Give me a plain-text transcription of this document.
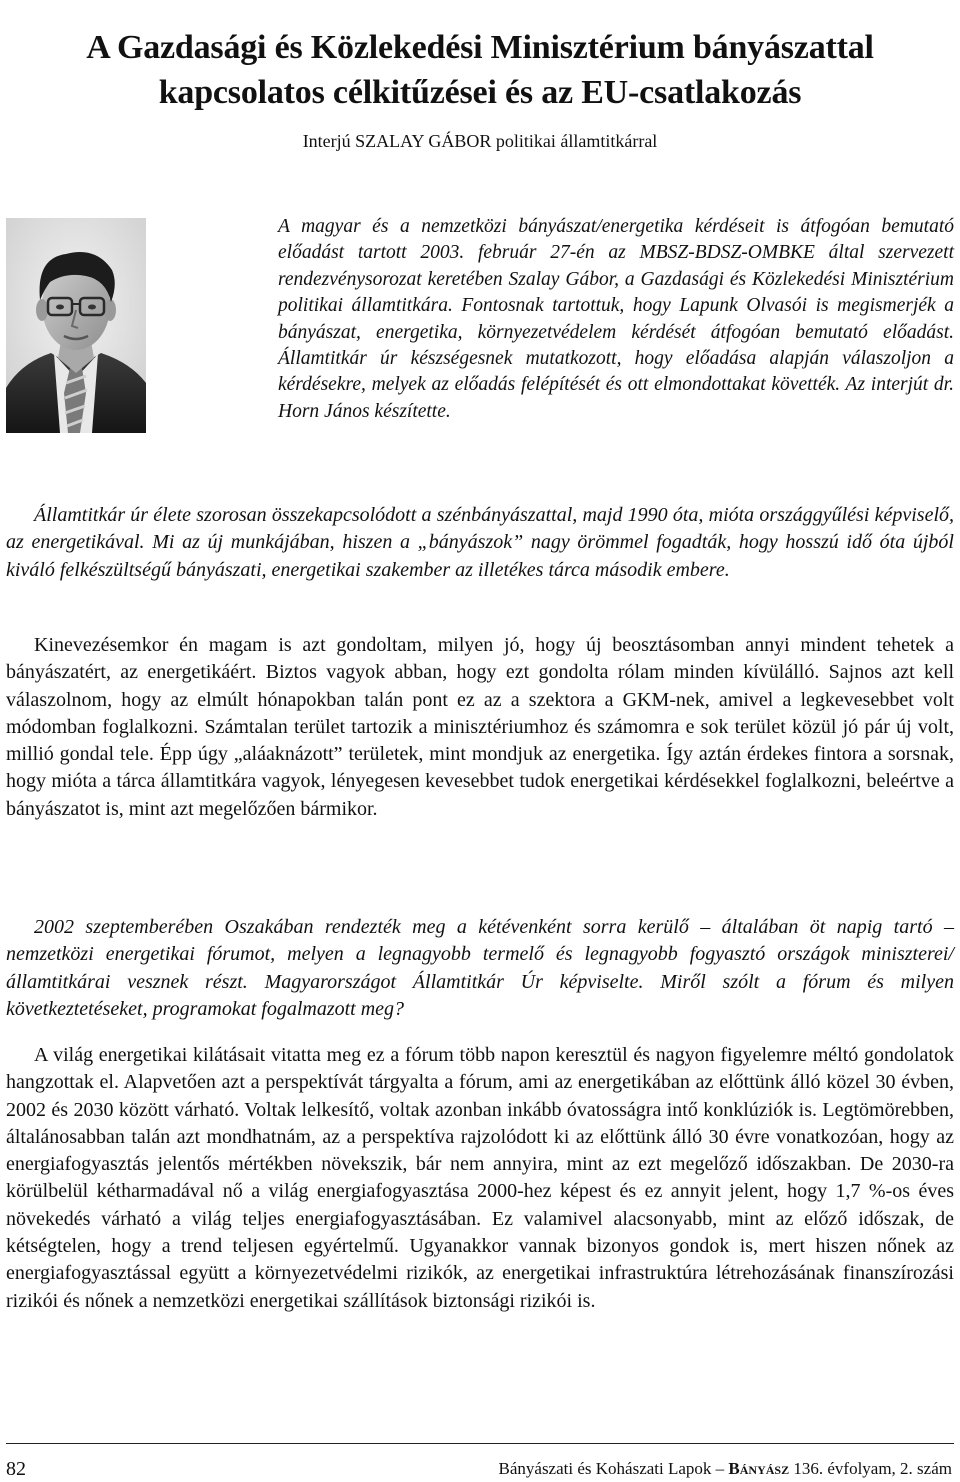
A Gazdasági és Közlekedési Minisztérium bányászattal kapcsolatos célkitűzései és az EU-csatlakozás
Interjú SZALAY GÁBOR politikai államtitkárral

A magyar és a nemzetközi bányászat/energetika kérdéseit is átfogóan bemutató előadást tartott 2003. február 27-én az MBSZ-BDSZ-OMBKE által szervezett rendezvénysorozat keretében Szalay Gábor, a Gazdasági és Közlekedési Minisztérium politikai államtitkára. Fontosnak tartottuk, hogy Lapunk Olvasói is megismerjék a bányászat, energetika, környezetvédelem kérdését átfogóan bemutató előadást. Államtitkár úr készségesnek mutatkozott, hogy előadása alapján válaszoljon a kérdésekre, melyek az előadás felépítését és ott elmondottakat követték. Az interjút dr. Horn János készítette.

Államtitkár úr élete szorosan összekapcsolódott a szénbányászattal, majd 1990 óta, mióta országgyűlési képviselő, az energetikával. Mi az új munkájában, hiszen a „bányászok” nagy örömmel fogadták, hogy hosszú idő óta újból kiváló felkészültségű bányászati, energetikai szakember az illetékes tárca második embere.

Kinevezésemkor én magam is azt gondoltam, milyen jó, hogy új beosztásomban annyi mindent tehetek a bányászatért, az energetikáért. Biztos vagyok abban, hogy ezt gondolta rólam minden kívülálló. Sajnos azt kell válaszolnom, hogy az elmúlt hónapokban talán pont ez az a szektora a GKM-nek, amivel a legkevesebbet volt módomban foglalkozni. Számtalan terület tartozik a minisztériumhoz és számomra e sok terület közül jó pár új volt, millió gondal tele. Épp úgy „aláaknázott” területek, mint mondjuk az energetika. Így aztán érdekes fintora a sorsnak, hogy mióta a tárca államtitkára vagyok, lényegesen kevesebbet tudok energetikai kérdésekkel foglalkozni, beleértve a bányászatot is, mint azt megelőzően bármikor.

2002 szeptemberében Oszakában rendezték meg a kétévenként sorra kerülő – általában öt napig tartó – nemzetközi energetikai fórumot, melyen a legnagyobb termelő és legnagyobb fogyasztó országok miniszterei/államtitkárai vesznek részt. Magyarországot Államtitkár Úr képviselte. Miről szólt a fórum és milyen következtetéseket, programokat fogalmazott meg?

A világ energetikai kilátásait vitatta meg ez a fórum több napon keresztül és nagyon figyelemre méltó gondolatok hangzottak el. Alapvetően azt a perspektívát tárgyalta a fórum, ami az energetikában az előttünk álló közel 30 évben, 2002 és 2030 között várható. Voltak lelkesítő, voltak azonban inkább óvatosságra intő konklúziók is. Legtömörebben, általánosabban talán azt mondhatnám, az a perspektíva rajzolódott ki az előttünk álló 30 évre vonatkozóan, hogy az energiafogyasztás jelentős mértékben növekszik, bár nem annyira, mint az ezt megelőző időszakban. De 2030-ra körülbelül kétharmadával nő a világ energiafogyasztása 2000-hez képest és ez annyit jelent, hogy 1,7 %-os éves növekedés várható a világ teljes energiafogyasztásában. Ez valamivel alacsonyabb, mint az előző időszak, de kétségtelen, hogy a trend teljesen egyértelmű. Ugyanakkor vannak bizonyos gondok is, mert hiszen nőnek az energiafogyasztással együtt a környezetvédelmi rizikók, az energetikai infrastruktúra létrehozásának finanszírozási rizikói és nőnek a nemzetközi energetikai szállítások biztonsági rizikói is.

82	Bányászati és Kohászati Lapok – Bányász 136. évfolyam, 2. szám
